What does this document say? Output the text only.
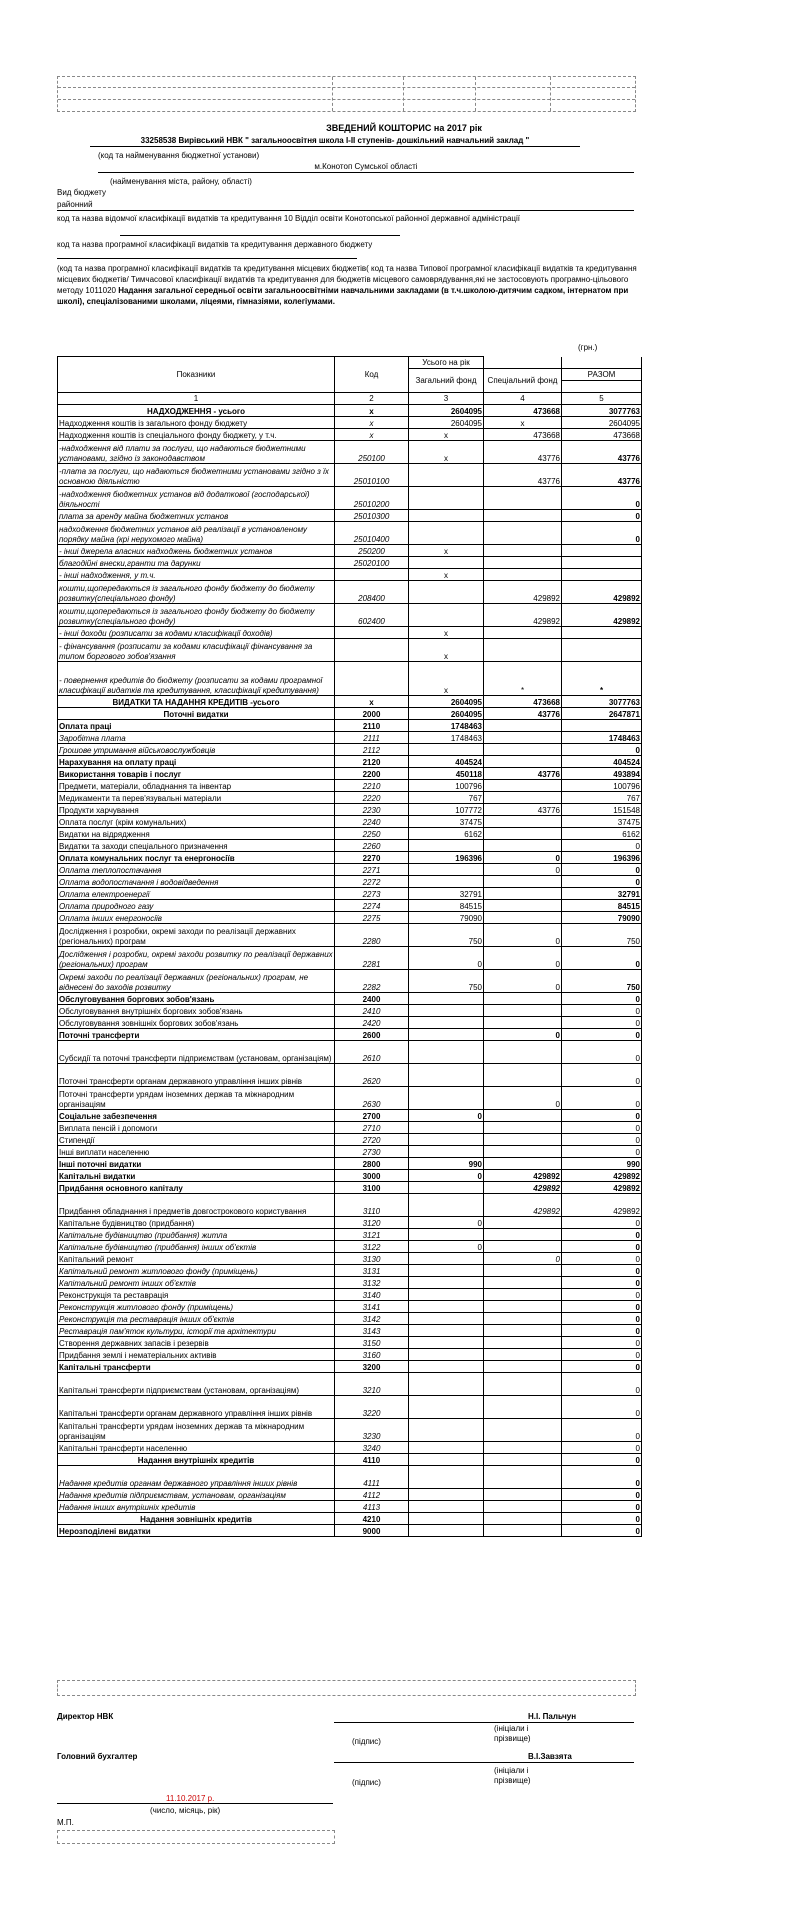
ЗВЕДЕНИЙ КОШТОРИС на 2017 рік
33258538 Вирівський НВК " загальноосвітня школа І-ІІ ступенів- дошкільний навчальний заклад "
(код та найменування бюджетної установи)
м.Конотоп Сумської області
(найменування міста, району, області)
Вид бюджету
районний
код та назва відомчої класифікації видатків та кредитування 10 Відділ освіти Конотопської районної державної адміністрації
код та назва програмної класифікації видатків та кредитування державного бюджету
(код та назва програмної класифікації видатків та кредитування місцевих бюджетів( код та назва Типової програмної класифікації видатків та кредитування місцевих бюджетів/ Тимчасової класифікації видатків та кредитування для бюджетів місцевого самоврядування,які не застосовують програмно-цільового методу 1011020 Надання загальної середньої освіти загальноосвітніми навчальними закладами (в т.ч.школою-дитячим садком, інтернатом при школі), спеціалізованими школами, ліцеями, гімназіями, колегіумами.
(грн.)
Показники	Код	Усього на рік		
		Загальний фонд	Спеціальний фонд	РАЗОМ

1	2	3	4	5
НАДХОДЖЕННЯ - усього	x	2604095	473668	3077763
Надходження коштів із загального фонду бюджету	x	2604095	x	2604095
Надходження коштів із спеціального фонду бюджету, у т.ч.	x	x	473668	473668
-надходження від плати за послуги, що надаються бюджетними установами, згідно із законодавством	250100	x	43776	43776
-плата за послуги, що надаються бюджетними установами згідно з їх основною діяльністю	25010100		43776	43776
-надходження бюджетних установ від додаткової (господарської) діяльності	25010200			0
плата за аренду майна бюджетних установ	25010300			0
надходження бюджетних установ від реалізації в установленому порядку майна (крі нерухомого майна)	25010400			0
- інші джерела власних надходжень бюджетних установ	250200	x		
благодійні внески,гранти та дарунки	25020100			
- інші надходження, у т.ч.		x		
кошти,щопередаються із загального фонду бюджету до бюджету розвитку(спеціального фонду)	208400		429892	429892
кошти,щопередаються із загального фонду бюджету до бюджету розвитку(спеціального фонду)	602400		429892	429892
- інші доходи (розписати за кодами класифікації доходів)		x		
- фінансування (розписати за кодами класифікації фінансування за типом боргового зобов'язання		x		
- повернення кредитів до бюджету (розписати за кодами програмної класифікації видатків та кредитування, класифікації кредитування)		x	*	*
ВИДАТКИ ТА НАДАННЯ КРЕДИТІВ -усього	x	2604095	473668	3077763
Поточні видатки	2000	2604095	43776	2647871
Оплата праці	2110	1748463		
Заробітна плата	2111	1748463		1748463
Грошове утримання військовослужбовців	2112			0
Нарахування на оплату праці	2120	404524		404524
Використання товарів і послуг	2200	450118	43776	493894
Предмети, матеріали, обладнання та інвентар	2210	100796		100796
Медикаменти та перев'язувальні матеріали	2220	767		767
Продукти харчування	2230	107772	43776	151548
Оплата послуг (крім комунальних)	2240	37475		37475
Видатки на відрядження	2250	6162		6162
Видатки та заходи спеціального призначення	2260			0
Оплата комунальних послуг та енергоносіїв	2270	196396	0	196396
Оплата теплопостачання	2271		0	0
Оплата водопостачання і водовідведення	2272			0
Оплата електроенергії	2273	32791		32791
Оплата природного газу	2274	84515		84515
Оплата інших енергоносіїв	2275	79090		79090
Дослідження і розробки, окремі заходи по реалізації державних (регіональних) програм	2280	750	0	750
Дослідження і розробки, окремі заходи розвитку по реалізації державних (регіональних) програм	2281	0	0	0
Окремі заходи по реалізації державних (регіональних) програм, не віднесені до заходів розвитку	2282	750	0	750
Обслуговування боргових зобов'язань	2400			0
Обслуговування внутрішніх боргових зобов'язань	2410			0
Обслуговування зовнішніх боргових зобов'язань	2420			0
Поточні трансферти	2600		0	0
Субсидії та поточні трансферти підприємствам (установам, організаціям)	2610			0
Поточні трансферти органам державного управління інших рівнів	2620			0
Поточні трансферти урядам іноземних держав та міжнародним організаціям	2630		0	0
Соціальне забезпечення	2700	0		0
Виплата пенсій і допомоги	2710			0
Стипендії	2720			0
Інші виплати населенню	2730			0
Інші поточні видатки	2800	990		990
Капітальні видатки	3000	0	429892	429892
Придбання основного капіталу	3100		429892	429892
Придбання обладнання і предметів довгострокового користування	3110		429892	429892
Капітальне будівництво (придбання)	3120	0		0
Капітальне будівництво (придбання) житла	3121			0
Капітальне будівництво (придбання) інших об'єктів	3122	0		0
Капітальний ремонт	3130		0	0
Капітальний ремонт житлового фонду (приміщень)	3131			0
Капітальний ремонт інших об'єктів	3132			0
Реконструкція та реставрація	3140			0
Реконструкція житлового фонду (приміщень)	3141			0
Реконструкція та реставрація інших об'єктів	3142			0
Реставрація пам'яток культури, історії та архітектури	3143			0
Створення державних запасів і резервів	3150			0
Придбання землі і нематеріальних активів	3160			0
Капітальні трансферти	3200			0
Капітальні трансферти підприємствам (установам, організаціям)	3210			0
Капітальні трансферти органам державного управління інших рівнів	3220			0
Капітальні трансферти урядам іноземних держав та міжнародним організаціям	3230			0
Капітальні трансферти населенню	3240			0
Надання внутрішніх кредитів	4110			0
Надання кредитів органам державного управління інших рівнів	4111			0
Надання кредитів підприємствам, установам, організаціям	4112			0
Надання інших внутрішніх кредитів	4113			0
Надання зовнішніх кредитів	4210			0
Нерозподілені видатки	9000			0
Директор НВК	Н.І. Пальчун
(підпис)
(ініціали і прізвище)
Головний бухгалтер	В.І.Завзята
(підпис)
(ініціали і прізвище)
11.10.2017 р.
(число, місяць, рік)
М.П.
